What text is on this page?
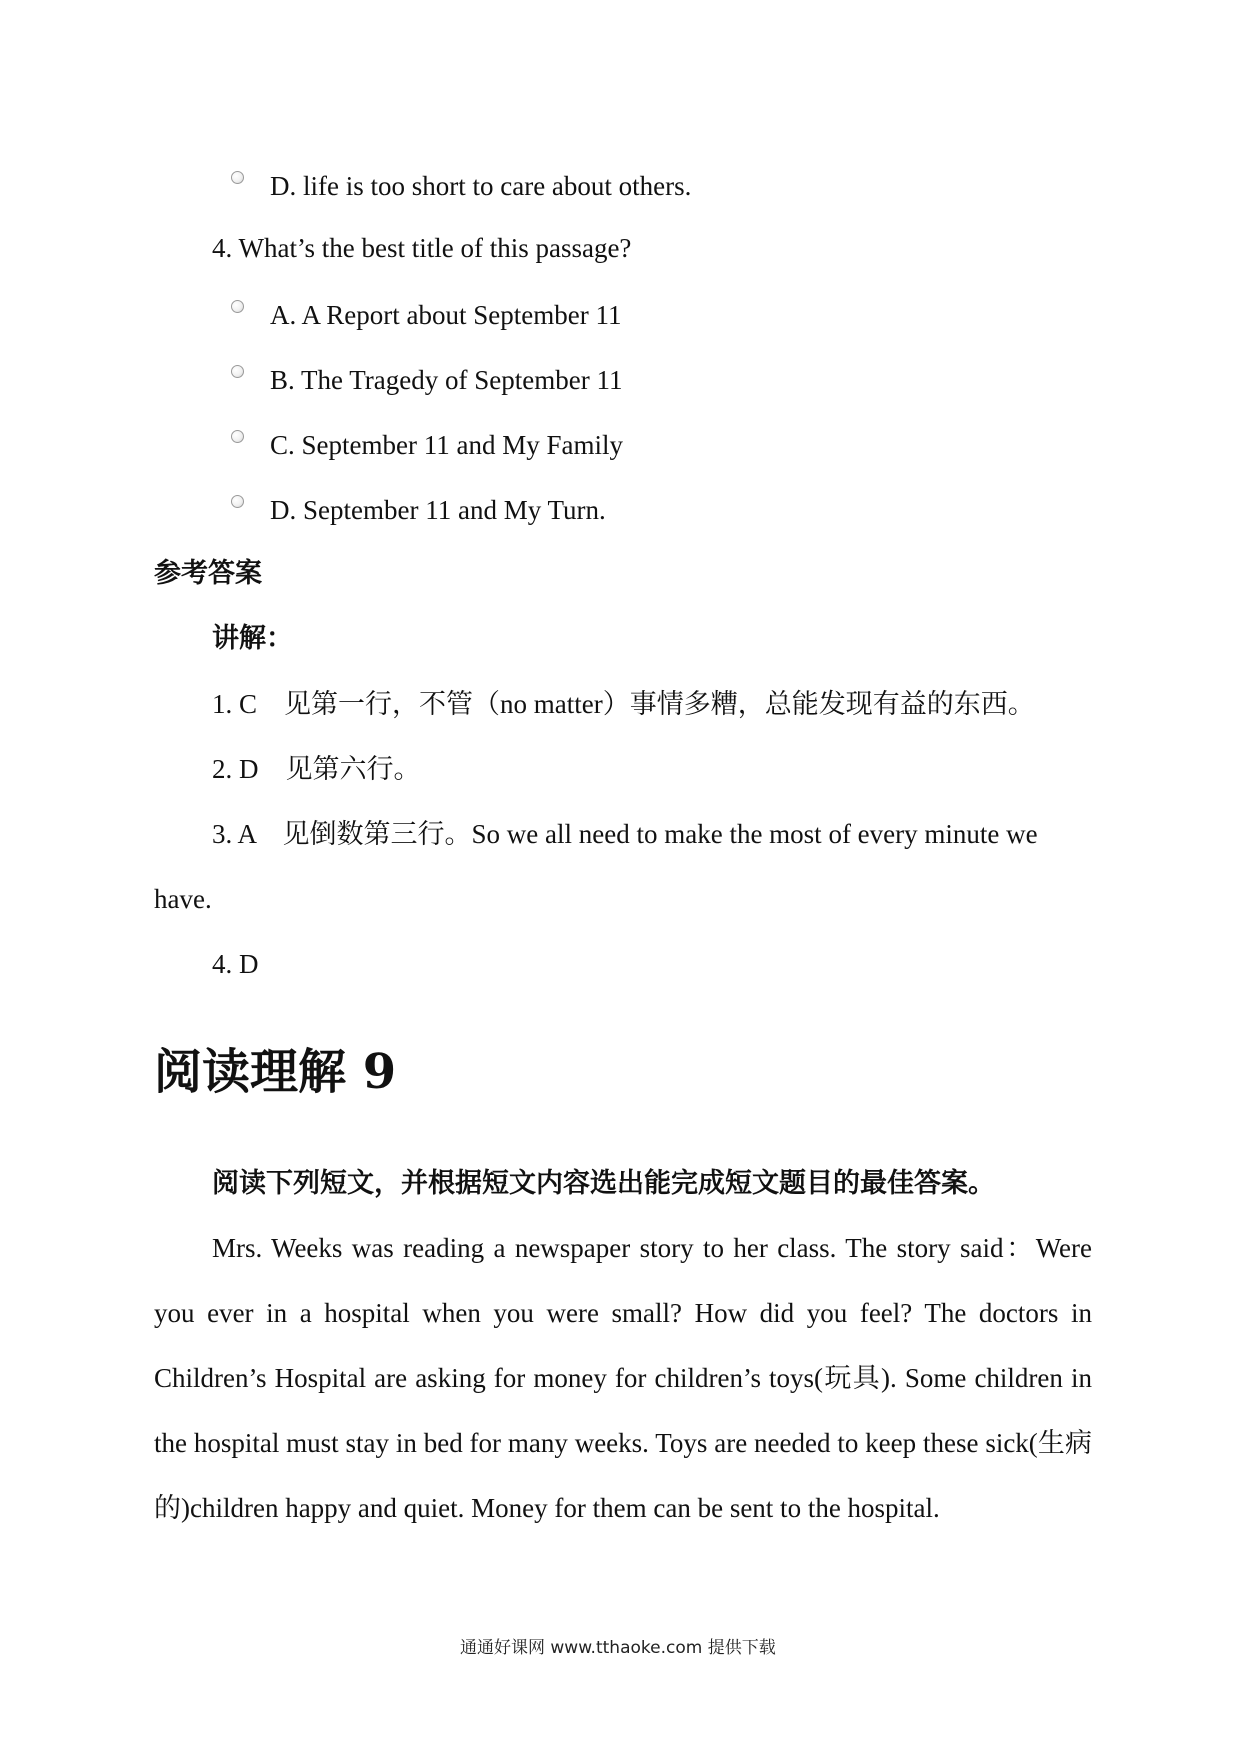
D. life is too short to care about others.
4. What’s the best title of this passage?
A. A Report about September 11
B. The Tragedy of September 11
C. September 11 and My Family
D. September 11 and My Turn.
参考答案
讲解：
1. C　见第一行，不管（no matter）事情多糟，总能发现有益的东西。
2. D　见第六行。
3. A　见倒数第三行。So we all need to make the most of every minute we
have.
4. D
阅读理解 9
阅读下列短文，并根据短文内容选出能完成短文题目的最佳答案。
Mrs. Weeks was reading a newspaper story to her class. The story said：Were you ever in a hospital when you were small? How did you feel? The doctors in Children’s Hospital are asking for money for children’s toys(玩具). Some children in the hospital must stay in bed for many weeks. Toys are needed to keep these sick(生病的)children happy and quiet. Money for them can be sent to the hospital.
通通好课网 www.tthaoke.com 提供下载
